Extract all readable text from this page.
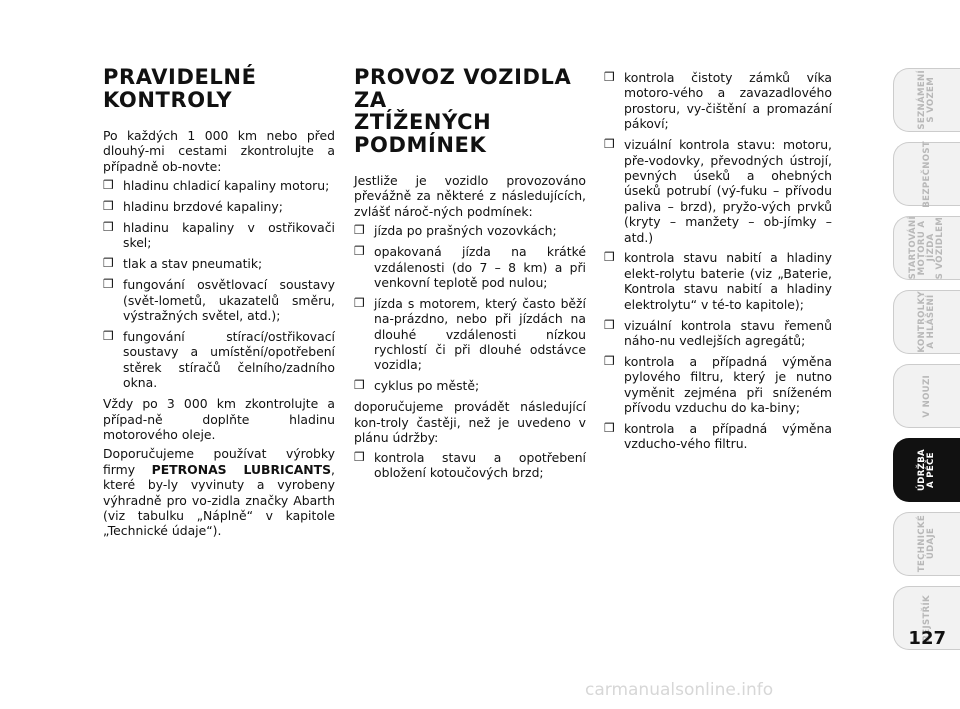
PRAVIDELNÉ
KONTROLY

Po každých 1 000 km nebo před dlouhý-mi cestami zkontrolujte a případně ob-novte:

❒ hladinu chladicí kapaliny motoru;
❒ hladinu brzdové kapaliny;
❒ hladinu kapaliny v ostřikovači skel;
❒ tlak a stav pneumatik;
❒ fungování osvětlovací soustavy (svět-lometů, ukazatelů směru, výstražných světel, atd.);
❒ fungování stírací/ostřikovací soustavy a umístění/opotřebení stěrek stíračů čelního/zadního okna.

Vždy po 3 000 km zkontrolujte a případ-ně doplňte hladinu motorového oleje.

Doporučujeme používat výrobky firmy PETRONAS LUBRICANTS, které by-ly vyvinuty a vyrobeny výhradně pro vo-zidla značky Abarth (viz tabulku „Náplně“ v kapitole „Technické údaje“).

PROVOZ VOZIDLA ZA
ZTÍŽENÝCH PODMÍNEK

Jestliže je vozidlo provozováno převážně za některé z následujících, zvlášť nároč-ných podmínek:

❒ jízda po prašných vozovkách;
❒ opakovaná jízda na krátké vzdálenosti (do 7 – 8 km) a při venkovní teplotě pod nulou;
❒ jízda s motorem, který často běží na-prázdno, nebo při jízdách na dlouhé vzdálenosti nízkou rychlostí či při dlouhé odstávce vozidla;
❒ cyklus po městě;

doporučujeme provádět následující kon-troly častěji, než je uvedeno v plánu údržby:

❒ kontrola stavu a opotřebení obložení kotoučových brzd;
❒ kontrola čistoty zámků víka motoro-vého a zavazadlového prostoru, vy-čištění a promazání pákoví;
❒ vizuální kontrola stavu: motoru, pře-vodovky, převodných ústrojí, pevných úseků a ohebných úseků potrubí (vý-fuku – přívodu paliva – brzd), pryžo-vých prvků (kryty – manžety – ob-jímky – atd.)
❒ kontrola stavu nabití a hladiny elekt-rolytu baterie (viz „Baterie, Kontrola stavu nabití a hladiny elektrolytu“ v té-to kapitole);
❒ vizuální kontrola stavu řemenů náho-nu vedlejších agregátů;
❒ kontrola a případná výměna pylového filtru, který je nutno vyměnit zejména při sníženém přívodu vzduchu do ka-biny;
❒ kontrola a případná výměna vzducho-vého filtru.
SEZNÁMENÍ
S VOZEM
BEZPEČNOST
STARTOVÁNÍ
MOTORU A JÍZDA
S VOZIDLEM
KONTROLKY
A HLÁŠENÍ
V NOUZI
ÚDRŽBA
A PÉČE
TECHNICKÉ
ÚDAJE
REJSTŘÍK
127
carmanualsonline.info
